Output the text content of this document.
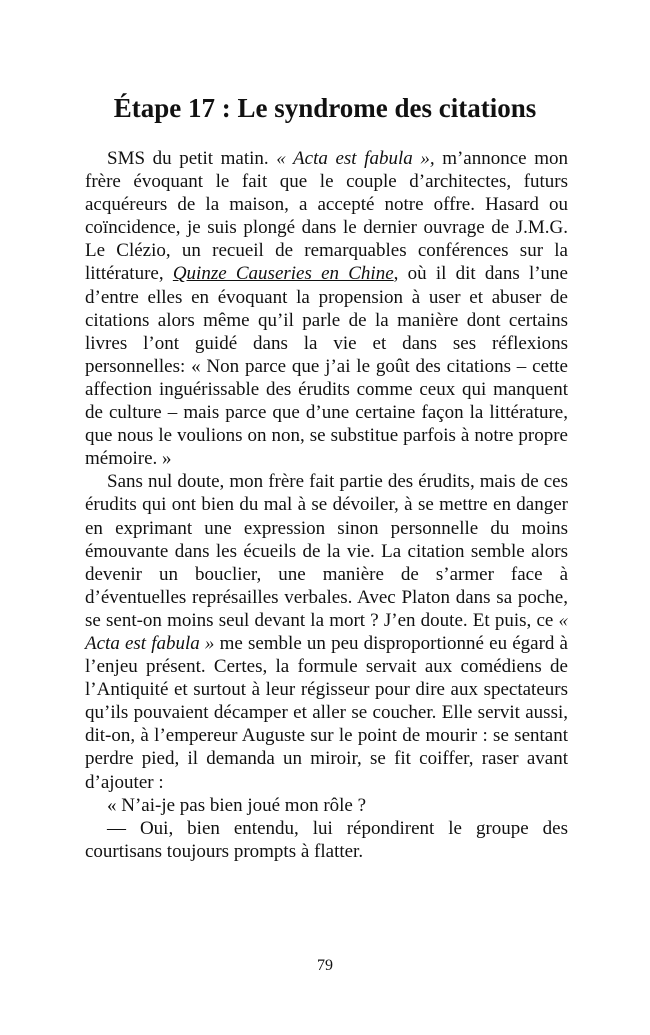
Étape 17 : Le syndrome des citations

SMS du petit matin. « Acta est fabula », m’annonce mon frère évoquant le fait que le couple d’architectes, futurs acquéreurs de la maison, a accepté notre offre. Hasard ou coïncidence, je suis plongé dans le dernier ouvrage de J.M.G. Le Clézio, un recueil de remarquables conférences sur la littérature, Quinze Causeries en Chine, où il dit dans l’une d’entre elles en évoquant la propension à user et abuser de citations alors même qu’il parle de la manière dont certains livres l’ont guidé dans la vie et dans ses réflexions personnelles: « Non parce que j’ai le goût des citations – cette affection inguérissable des érudits comme ceux qui manquent de culture – mais parce que d’une certaine façon la littérature, que nous le voulions on non, se substitue parfois à notre propre mémoire. »

Sans nul doute, mon frère fait partie des érudits, mais de ces érudits qui ont bien du mal à se dévoiler, à se mettre en danger en exprimant une expression sinon personnelle du moins émouvante dans les écueils de la vie. La citation semble alors devenir un bouclier, une manière de s’armer face à d’éventuelles représailles verbales. Avec Platon dans sa poche, se sent-on moins seul devant la mort ? J’en doute. Et puis, ce « Acta est fabula » me semble un peu disproportionné eu égard à l’enjeu présent. Certes, la formule servait aux comédiens de l’Antiquité et surtout à leur régisseur pour dire aux spectateurs qu’ils pouvaient décamper et aller se coucher. Elle servit aussi, dit-on, à l’empereur Auguste sur le point de mourir : se sentant perdre pied, il demanda un miroir, se fit coiffer, raser avant d’ajouter :

« N’ai-je pas bien joué mon rôle ?

— Oui, bien entendu, lui répondirent le groupe des courtisans toujours prompts à flatter.

79
